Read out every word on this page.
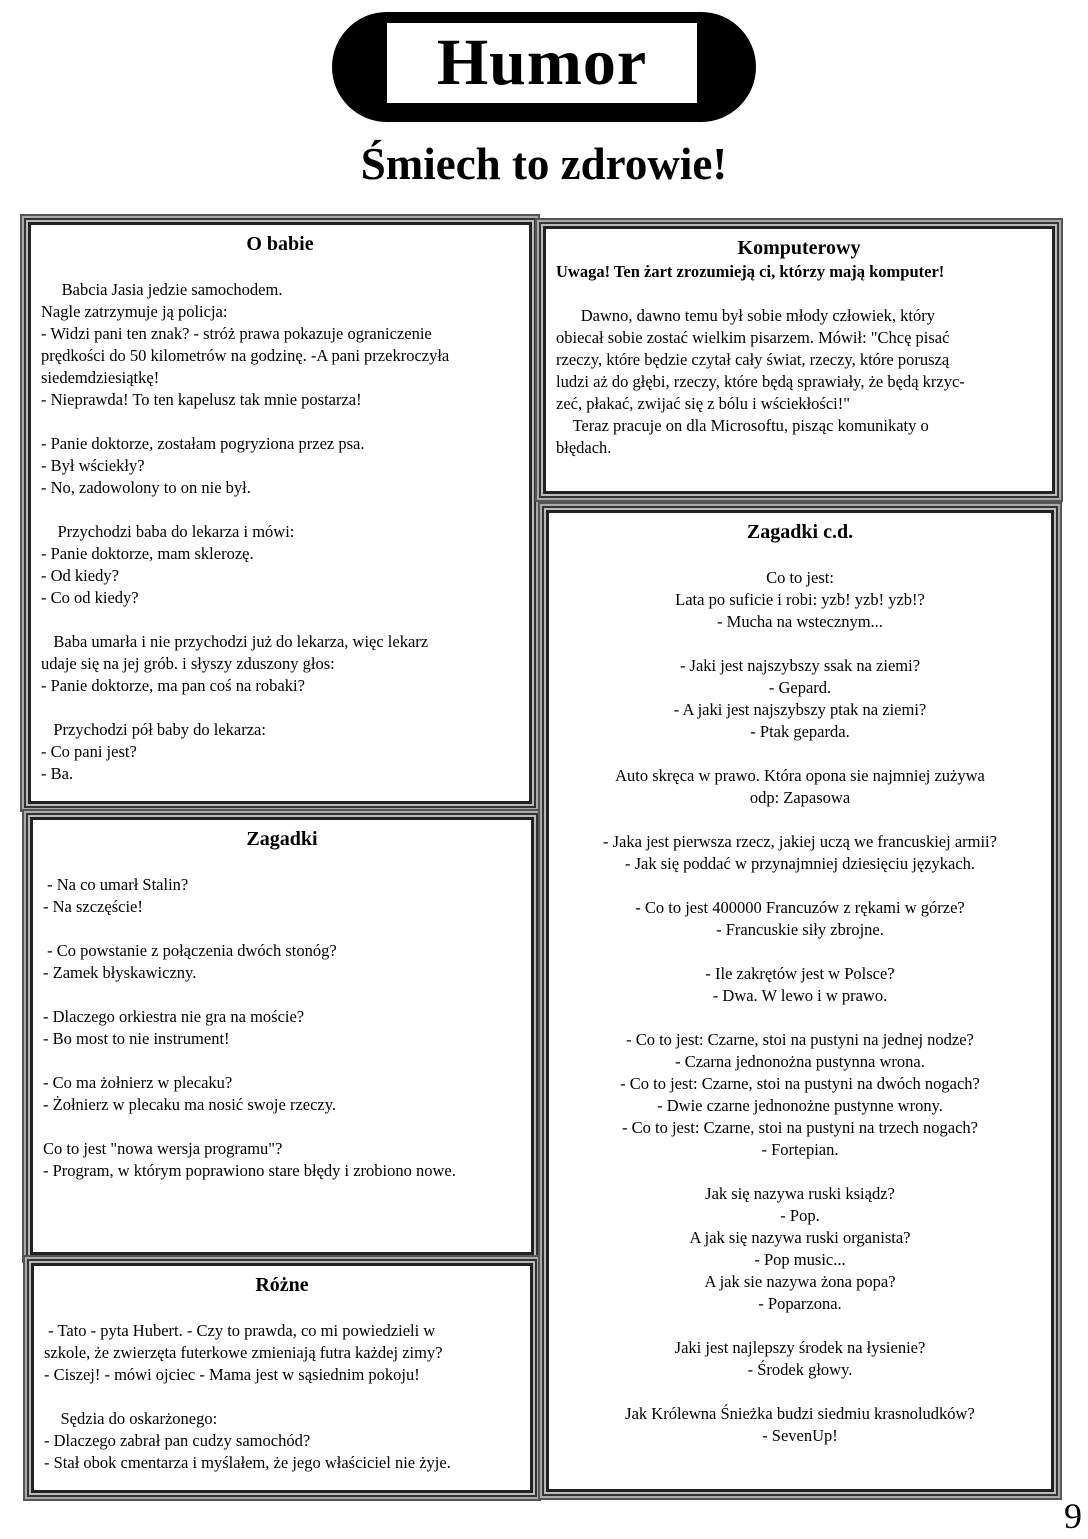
Humor
Śmiech to zdrowie!
O babie

Babcia Jasia jedzie samochodem.

Nagle zatrzymuje ją policja:

- Widzi pani ten znak? - stróż prawa pokazuje ograniczenie

prędkości do 50 kilometrów na godzinę. -A pani przekroczyła

siedemdziesiątkę!

- Nieprawda! To ten kapelusz tak mnie postarza!

- Panie doktorze, zostałam pogryziona przez psa.

- Był wściekły?

- No, zadowolony to on nie był.

Przychodzi baba do lekarza i mówi:

- Panie doktorze, mam sklerozę.

- Od kiedy?

- Co od kiedy?

Baba umarła i nie przychodzi już do lekarza, więc lekarz

udaje się na jej grób. i słyszy zduszony głos:

- Panie doktorze, ma pan coś na robaki?

Przychodzi pół baby do lekarza:

- Co pani jest?

- Ba.

Zagadki

- Na co umarł Stalin?

- Na szczęście!

- Co powstanie z połączenia dwóch stonóg?

- Zamek błyskawiczny.

- Dlaczego orkiestra nie gra na moście?

- Bo most to nie instrument!

- Co ma żołnierz w plecaku?

- Żołnierz w plecaku ma nosić swoje rzeczy.

Co to jest "nowa wersja programu"?

- Program, w którym poprawiono stare błędy i zrobiono nowe.

Różne

- Tato - pyta Hubert. - Czy to prawda, co mi powiedzieli w

szkole, że zwierzęta futerkowe zmieniają futra każdej zimy?

- Ciszej! - mówi ojciec - Mama jest w sąsiednim pokoju!

Sędzia do oskarżonego:

- Dlaczego zabrał pan cudzy samochód?

- Stał obok cmentarza i myślałem, że jego właściciel nie żyje.

Komputerowy

Uwaga! Ten żart zrozumieją ci, którzy mają komputer!

Dawno, dawno temu był sobie młody człowiek, który

obiecał sobie zostać wielkim pisarzem. Mówił: "Chcę pisać

rzeczy, które będzie czytał cały świat, rzeczy, które poruszą

ludzi aż do głębi, rzeczy, które będą sprawiały, że będą krzyc-

zeć, płakać, zwijać się z bólu i wściekłości!"

Teraz pracuje on dla Microsoftu, pisząc komunikaty o

błędach.

Zagadki c.d.

Co to jest:

Lata po suficie i robi: yzb! yzb! yzb!?

- Mucha na wstecznym...

- Jaki jest najszybszy ssak na ziemi?

- Gepard.

- A jaki jest najszybszy ptak na ziemi?

- Ptak geparda.

Auto skręca w prawo. Która opona sie najmniej zużywa

odp: Zapasowa

- Jaka jest pierwsza rzecz, jakiej uczą we francuskiej armii?

- Jak się poddać w przynajmniej dziesięciu językach.

- Co to jest 400000 Francuzów z rękami w górze?

- Francuskie siły zbrojne.

- Ile zakrętów jest w Polsce?

- Dwa. W lewo i w prawo.

- Co to jest: Czarne, stoi na pustyni na jednej nodze?

- Czarna jednonożna pustynna wrona.

- Co to jest: Czarne, stoi na pustyni na dwóch nogach?

- Dwie czarne jednonożne pustynne wrony.

- Co to jest: Czarne, stoi na pustyni na trzech nogach?

- Fortepian.

Jak się nazywa ruski ksiądz?

- Pop.

A jak się nazywa ruski organista?

- Pop music...

A jak sie nazywa żona popa?

- Poparzona.

Jaki jest najlepszy środek na łysienie?

- Środek głowy.

Jak Królewna Śnieżka budzi siedmiu krasnoludków?

- SevenUp!

9
